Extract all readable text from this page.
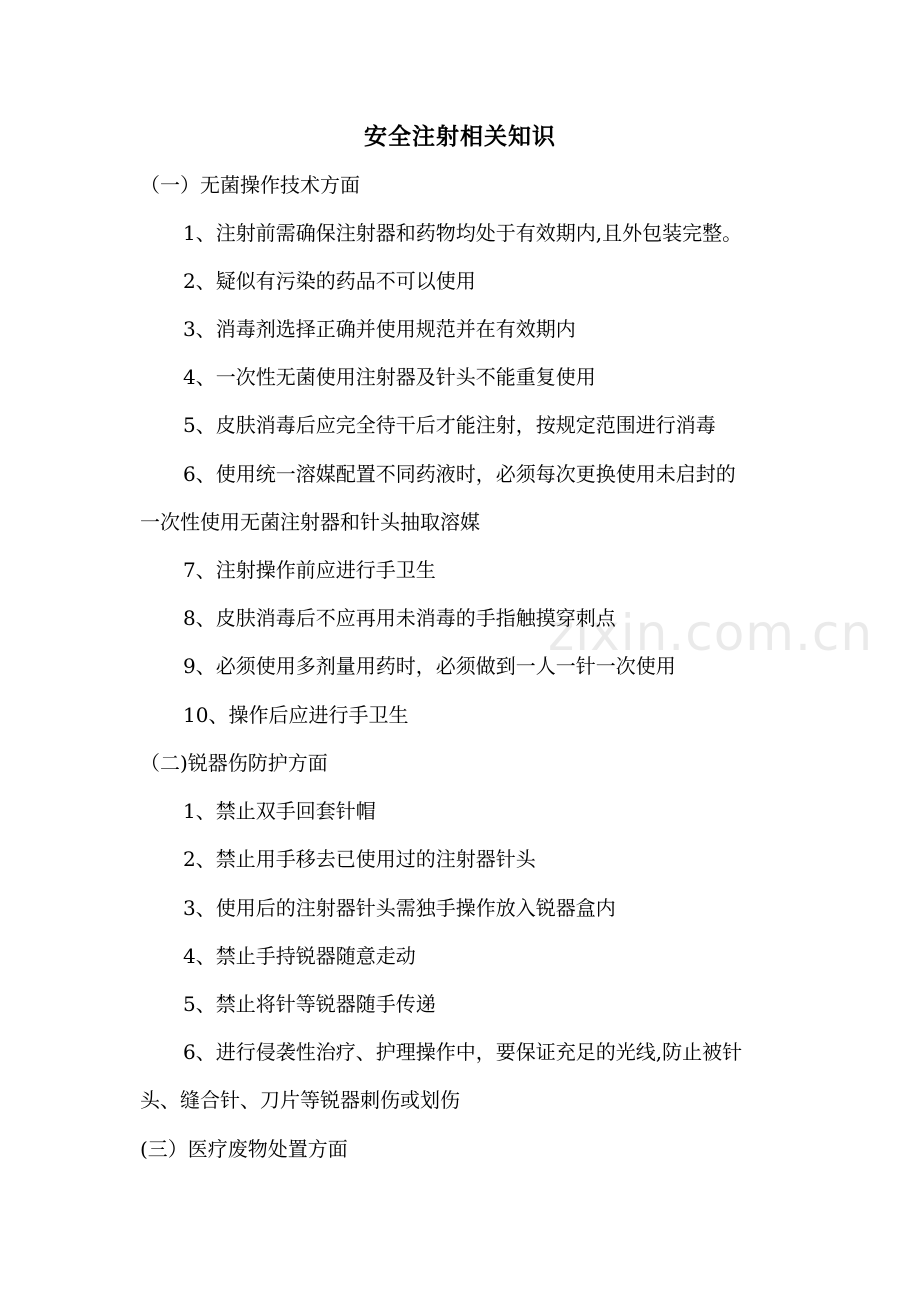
zixin.com.cn
安全注射相关知识
（一）无菌操作技术方面
1、注射前需确保注射器和药物均处于有效期内,且外包装完整。
2、疑似有污染的药品不可以使用
3、消毒剂选择正确并使用规范并在有效期内
4、一次性无菌使用注射器及针头不能重复使用
5、皮肤消毒后应完全待干后才能注射，按规定范围进行消毒
6、使用统一溶媒配置不同药液时，必须每次更换使用未启封的
一次性使用无菌注射器和针头抽取溶媒
7、注射操作前应进行手卫生
8、皮肤消毒后不应再用未消毒的手指触摸穿刺点
9、必须使用多剂量用药时，必须做到一人一针一次使用
10、操作后应进行手卫生
（二)锐器伤防护方面
1、禁止双手回套针帽
2、禁止用手移去已使用过的注射器针头
3、使用后的注射器针头需独手操作放入锐器盒内
4、禁止手持锐器随意走动
5、禁止将针等锐器随手传递
6、进行侵袭性治疗、护理操作中，要保证充足的光线,防止被针
头、缝合针、刀片等锐器刺伤或划伤
(三）医疗废物处置方面
